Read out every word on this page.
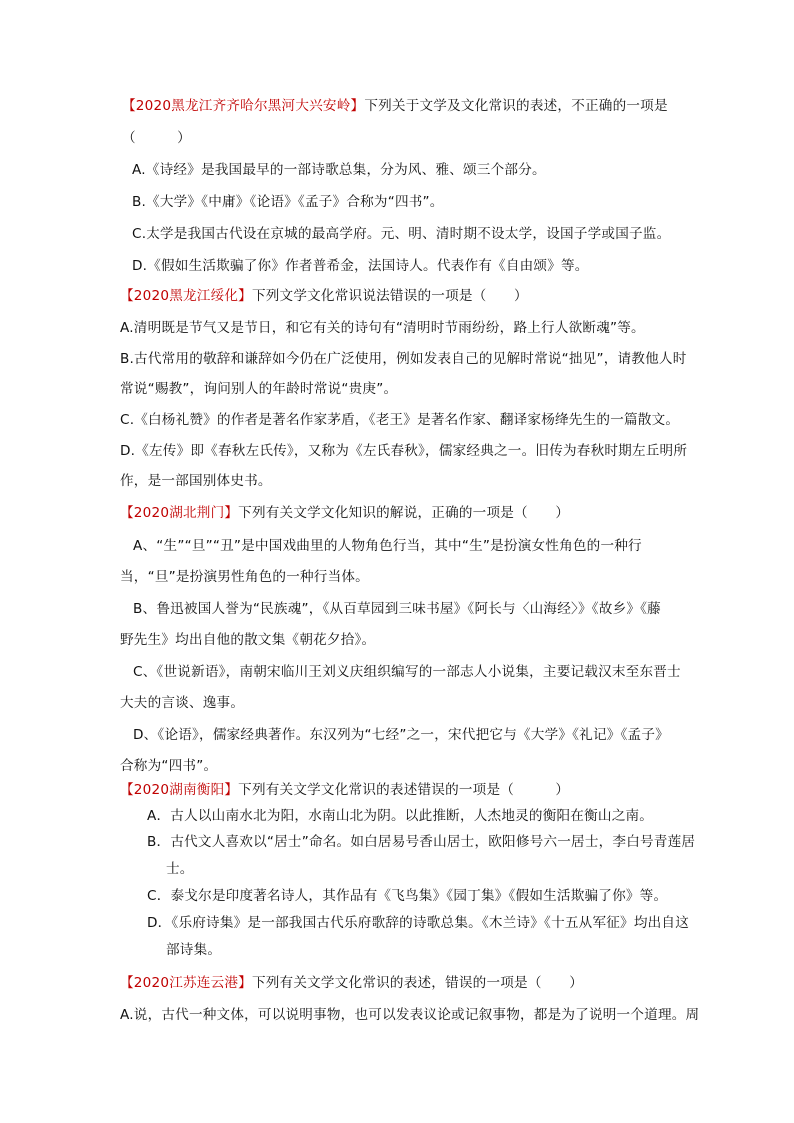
【2020黑龙江齐齐哈尔黑河大兴安岭】下列关于文学及文化常识的表述，不正确的一项是
（　　　）
A.《诗经》是我国最早的一部诗歌总集，分为风、雅、颂三个部分。
B.《大学》《中庸》《论语》《孟子》合称为“四书”。
C.太学是我国古代设在京城的最高学府。元、明、清时期不设太学，设国子学或国子监。
D.《假如生活欺骗了你》作者普希金，法国诗人。代表作有《自由颂》等。
【2020黑龙江绥化】下列文学文化常识说法错误的一项是（　　）
A.清明既是节气又是节日，和它有关的诗句有“清明时节雨纷纷，路上行人欲断魂”等。
B.古代常用的敬辞和谦辞如今仍在广泛使用，例如发表自己的见解时常说“拙见”，请教他人时
常说“赐教”，询问别人的年龄时常说“贵庚”。
C.《白杨礼赞》的作者是著名作家茅盾，《老王》是著名作家、翻译家杨绛先生的一篇散文。
D.《左传》即《春秋左氏传》，又称为《左氏春秋》，儒家经典之一。旧传为春秋时期左丘明所
作，是一部国别体史书。
【2020湖北荆门】下列有关文学文化知识的解说，正确的一项是（　　）
A、“生”“旦”“丑”是中国戏曲里的人物角色行当，其中“生”是扮演女性角色的一种行
当，“旦”是扮演男性角色的一种行当体。
B、鲁迅被国人誉为“民族魂”，《从百草园到三味书屋》《阿长与〈山海经〉》《故乡》《藤
野先生》均出自他的散文集《朝花夕拾》。
C、《世说新语》，南朝宋临川王刘义庆组织编写的一部志人小说集，主要记载汉末至东晋士
大夫的言谈、逸事。
D、《论语》，儒家经典著作。东汉列为“七经”之一，宋代把它与《大学》《礼记》《孟子》
合称为“四书”。
【2020湖南衡阳】下列有关文学文化常识的表述错误的一项是（　　　）
A．古人以山南水北为阳，水南山北为阴。以此推断，人杰地灵的衡阳在衡山之南。
B．古代文人喜欢以“居士”命名。如白居易号香山居士，欧阳修号六一居士，李白号青莲居
士。
C．泰戈尔是印度著名诗人，其作品有《飞鸟集》《园丁集》《假如生活欺骗了你》等。
D．《乐府诗集》是一部我国古代乐府歌辞的诗歌总集。《木兰诗》《十五从军征》均出自这
部诗集。
【2020江苏连云港】下列有关文学文化常识的表述，错误的一项是（　　）
A.说，古代一种文体，可以说明事物，也可以发表议论或记叙事物，都是为了说明一个道理。周
